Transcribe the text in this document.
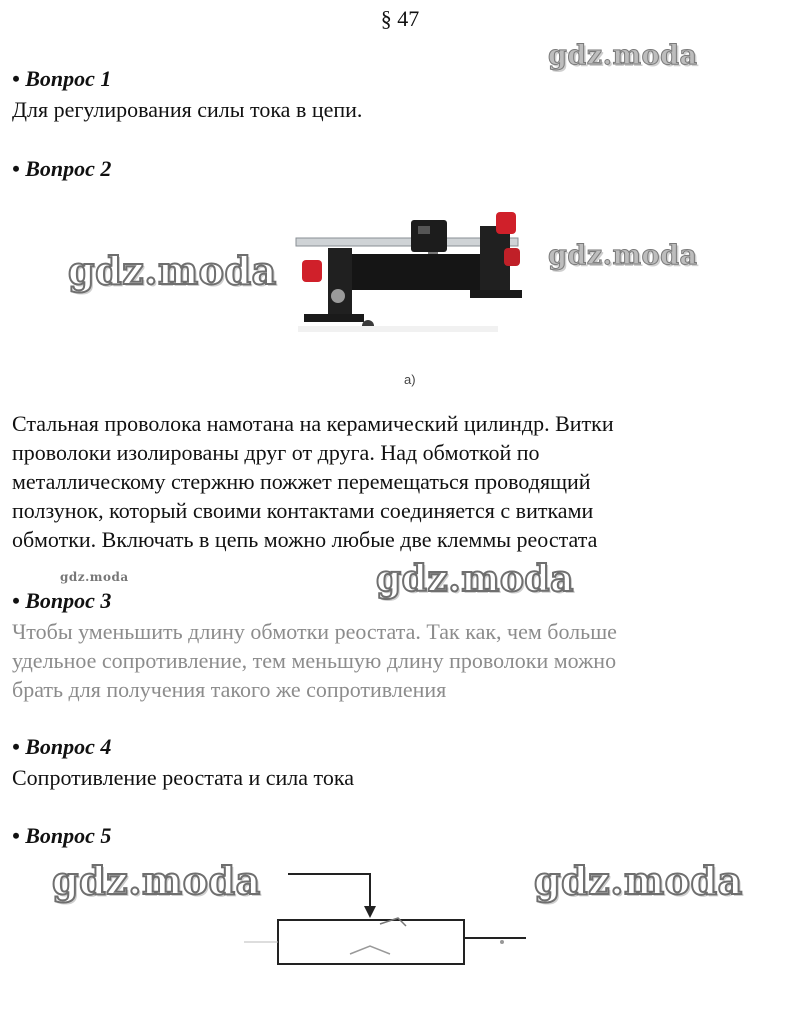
§ 47
gdz.moda
• Вопрос 1
Для регулирования силы тока в цепи.
• Вопрос 2
а)
gdz.moda	gdz.moda
Стальная проволока намотана на керамический цилиндр. Витки
проволоки изолированы друг от друга. Над обмоткой по
металлическому стержню пожжет перемещаться проводящий
ползунок, который своими контактами соединяется с витками
обмотки. Включать в цепь можно любые две клеммы реостата
gdz.moda	gdz.moda
• Вопрос 3
Чтобы уменьшить длину обмотки реостата. Так как, чем больше
удельное сопротивление, тем меньшую длину проволоки можно
брать для получения такого же сопротивления
• Вопрос 4
Сопротивление реостата и сила тока
• Вопрос 5
gdz.moda	gdz.moda
